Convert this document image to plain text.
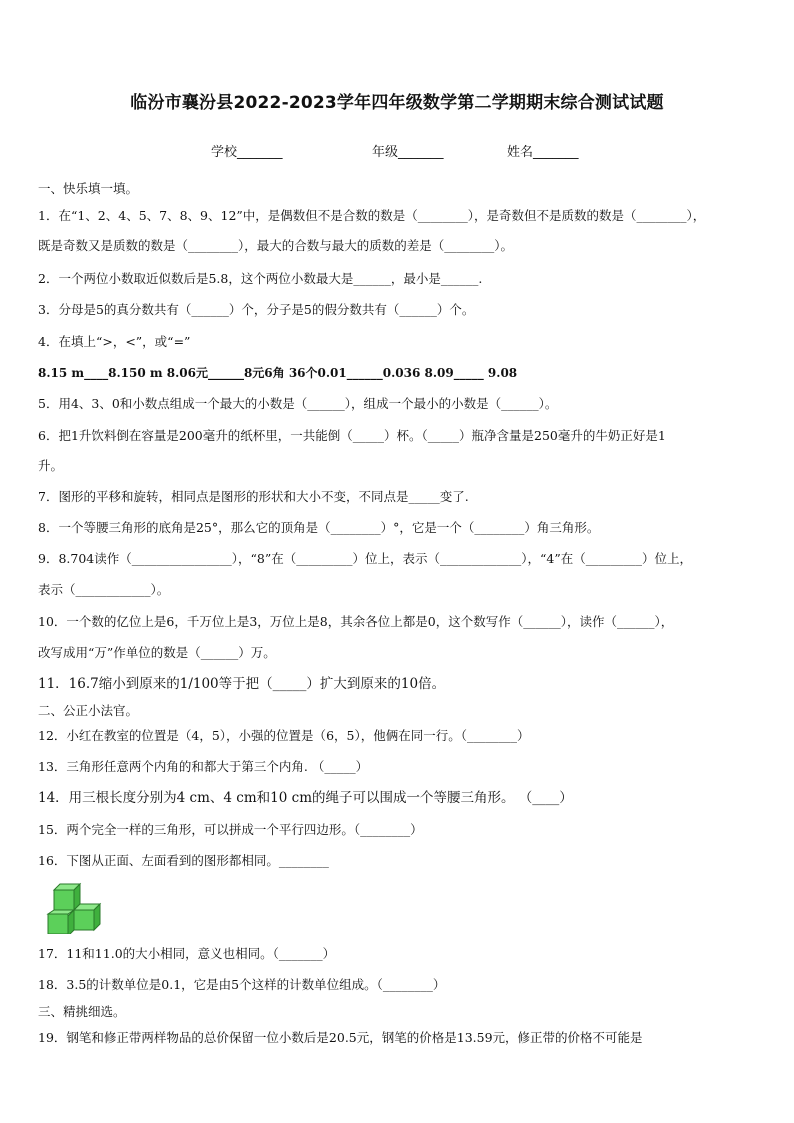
临汾市襄汾县2022-2023学年四年级数学第二学期期末综合测试试题
学校_______	年级_______	姓名_______
一、快乐填一填。
1．在“1、2、4、5、7、8、9、12”中，是偶数但不是合数的数是（________），是奇数但不是质数的数是（________），
既是奇数又是质数的数是（________），最大的合数与最大的质数的差是（________）。
2．一个两位小数取近似数后是5.8，这个两位小数最大是______，最小是______.
3．分母是5的真分数共有（______）个，分子是5的假分数共有（______）个。
4．在填上“>，<”，或“=”
8.15 m____8.150 m 8.06元______8元6角 36个0.01______0.036 8.09_____ 9.08
5．用4、3、0和小数点组成一个最大的小数是（______），组成一个最小的小数是（______）。
6．把1升饮料倒在容量是200毫升的纸杯里，一共能倒（_____）杯。（_____）瓶净含量是250毫升的牛奶正好是1
升。
7．图形的平移和旋转，相同点是图形的形状和大小不变，不同点是_____变了.
8．一个等腰三角形的底角是25°，那么它的顶角是（________）°，它是一个（________）角三角形。
9．8.704读作（________________），“8”在（_________）位上，表示（_____________），“4”在（_________）位上，
表示（____________）。
10．一个数的亿位上是6，千万位上是3，万位上是8，其余各位上都是0，这个数写作（______），读作（______），
改写成用“万”作单位的数是（______）万。
11．16.7缩小到原来的1/100等于把（_____）扩大到原来的10倍。
二、公正小法官。
12．小红在教室的位置是（4，5），小强的位置是（6，5），他俩在同一行。（________）
13．三角形任意两个内角的和都大于第三个内角. （_____）
14．用三根长度分别为4 cm、4 cm和10 cm的绳子可以围成一个等腰三角形。 （____）
15．两个完全一样的三角形，可以拼成一个平行四边形。（________）
16．下图从正面、左面看到的图形都相同。________
17．11和11.0的大小相同，意义也相同。（_______）
18．3.5的计数单位是0.1，它是由5个这样的计数单位组成。（________）
三、精挑细选。
19．钢笔和修正带两样物品的总价保留一位小数后是20.5元，钢笔的价格是13.59元，修正带的价格不可能是
